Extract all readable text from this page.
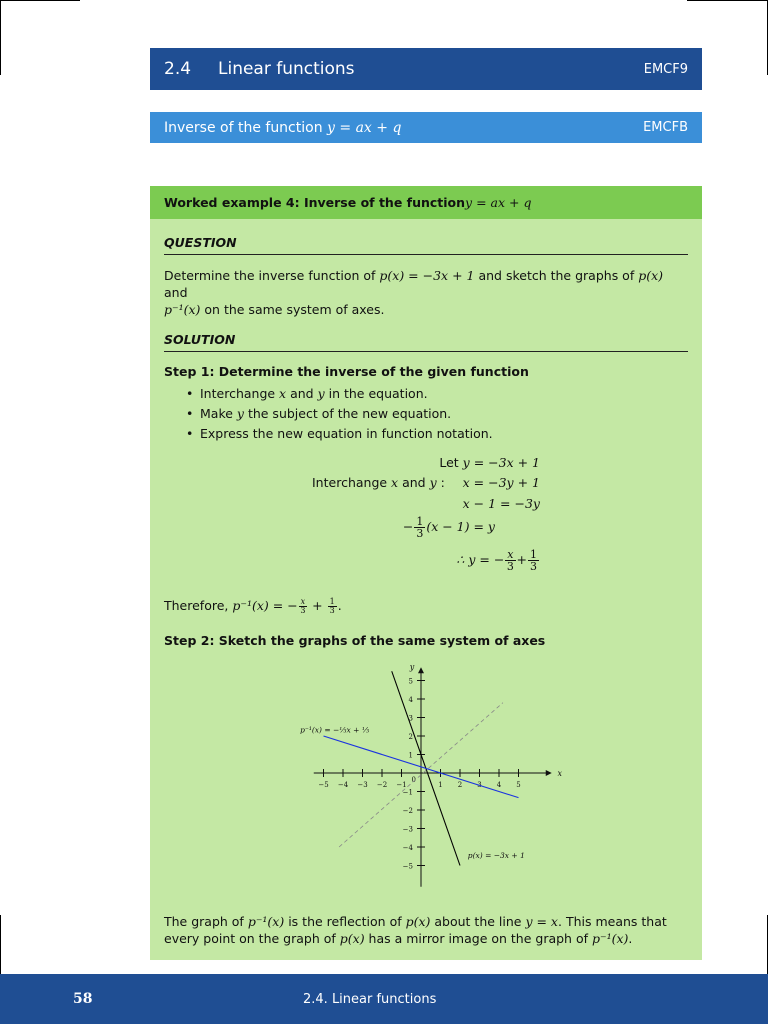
2.4	Linear functions	EMCF9
Inverse of the function y = ax + q	EMCFB
Worked example 4: Inverse of the function y = ax + q
QUESTION
Determine the inverse function of p(x) = −3x + 1 and sketch the graphs of p(x) and
p⁻¹(x) on the same system of axes.
SOLUTION
Step 1: Determine the inverse of the given function
• Interchange x and y in the equation.
• Make y the subject of the new equation.
• Express the new equation in function notation.
Let y = −3x + 1
Interchange x and y : x = −3y + 1
x − 1 = −3y
− $\frac{1}{3} (x - 1) = y$
∴ y = − $\frac{x}{3} + \frac{1}{3}$
Therefore, p⁻¹(x) = − $\frac{x}{3} + \frac{1}{3}$ .
Step 2: Sketch the graphs of the same system of axes
x
y
−5 −4 −3 −2 −1	1 2 3 4 5
−5
−4
−3
−2
−1
1
2
3
4
5
0
p(x) = −3x + 1
p⁻¹(x) = −⅓x + ⅓
The graph of p⁻¹(x) is the reflection of p(x) about the line y = x. This means that
every point on the graph of p(x) has a mirror image on the graph of p⁻¹(x).
58	2.4. Linear functions
